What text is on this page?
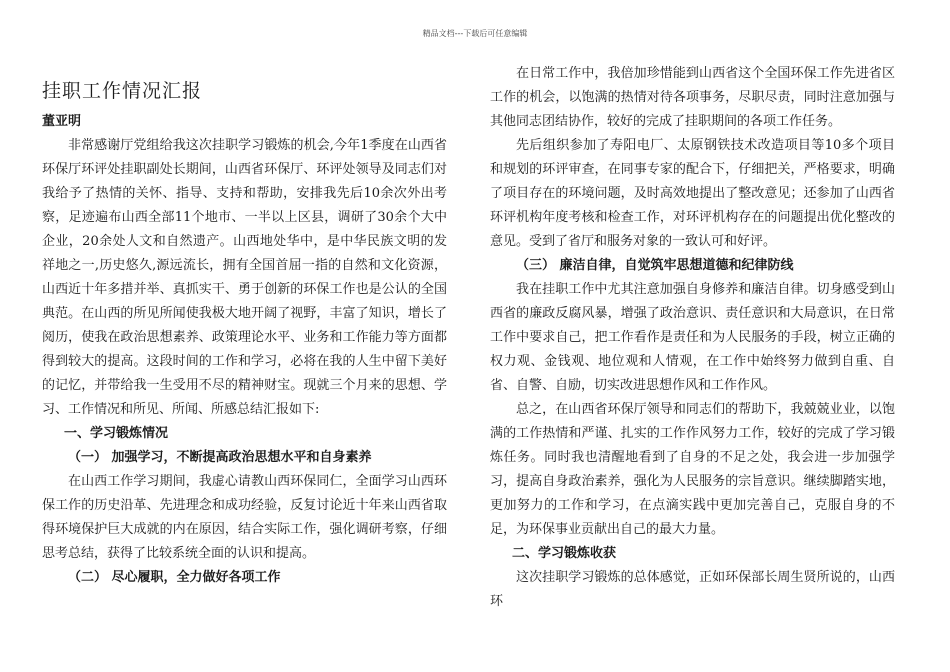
精品文档---下载后可任意编辑
挂职工作情况汇报

董亚明

非常感谢厅党组给我这次挂职学习锻炼的机会,今年1季度在山西省环保厅环评处挂职副处长期间，山西省环保厅、环评处领导及同志们对我给予了热情的关怀、指导、支持和帮助，安排我先后10余次外出考察，足迹遍布山西全部11个地市、一半以上区县，调研了30余个大中企业，20余处人文和自然遗产。山西地处华中，是中华民族文明的发祥地之一,历史悠久,源远流长，拥有全国首屈一指的自然和文化资源，山西近十年多措并举、真抓实干、勇于创新的环保工作也是公认的全国典范。在山西的所见所闻使我极大地开阔了视野，丰富了知识，增长了阅历，使我在政治思想素养、政策理论水平、业务和工作能力等方面都得到较大的提高。这段时间的工作和学习，必将在我的人生中留下美好的记忆，并带给我一生受用不尽的精神财宝。现就三个月来的思想、学习、工作情况和所见、所闻、所感总结汇报如下:

一、学习锻炼情况

（一） 加强学习，不断提高政治思想水平和自身素养

在山西工作学习期间，我虚心请教山西环保同仁，全面学习山西环保工作的历史沿革、先进理念和成功经验，反复讨论近十年来山西省取得环境保护巨大成就的内在原因，结合实际工作，强化调研考察，仔细思考总结，获得了比较系统全面的认识和提高。

（二） 尽心履职，全力做好各项工作

在日常工作中，我倍加珍惜能到山西省这个全国环保工作先进省区工作的机会，以饱满的热情对待各项事务，尽职尽责，同时注意加强与其他同志团结协作，较好的完成了挂职期间的各项工作任务。

先后组织参加了寿阳电厂、太原钢铁技术改造项目等10多个项目和规划的环评审查，在同事专家的配合下，仔细把关，严格要求，明确了项目存在的环境问题，及时高效地提出了整改意见；还参加了山西省环评机构年度考核和检查工作，对环评机构存在的问题提出优化整改的意见。受到了省厅和服务对象的一致认可和好评。

（三） 廉洁自律，自觉筑牢思想道德和纪律防线

我在挂职工作中尤其注意加强自身修养和廉洁自律。切身感受到山西省的廉政反腐风暴，增强了政治意识、责任意识和大局意识，在日常工作中要求自己，把工作看作是责任和为人民服务的手段，树立正确的权力观、金钱观、地位观和人情观，在工作中始终努力做到自重、自省、自警、自励，切实改进思想作风和工作作风。

总之，在山西省环保厅领导和同志们的帮助下，我兢兢业业，以饱满的工作热情和严谨、扎实的工作作风努力工作，较好的完成了学习锻炼任务。同时我也清醒地看到了自身的不足之处，我会进一步加强学习，提高自身政治素养，强化为人民服务的宗旨意识。继续脚踏实地，更加努力的工作和学习，在点滴实践中更加完善自己，克服自身的不足，为环保事业贡献出自己的最大力量。

二、学习锻炼收获

这次挂职学习锻炼的总体感觉，正如环保部长周生贤所说的，山西环
